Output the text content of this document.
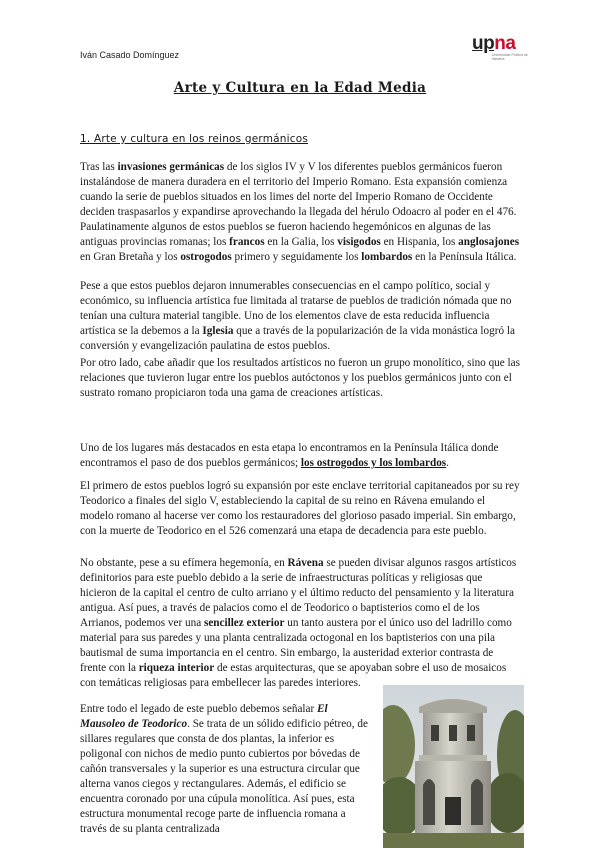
Iván Casado Domínguez
upna
Universidad Pública de Navarra
Arte y Cultura en la Edad Media
1. Arte y cultura en los reinos germánicos

Tras las invasiones germánicas de los siglos IV y V los diferentes pueblos germánicos fueron instalándose de manera duradera en el territorio del Imperio Romano. Esta expansión comienza cuando la serie de pueblos situados en los limes del norte del Imperio Romano de Occidente deciden traspasarlos y expandirse aprovechando la llegada del hérulo Odoacro al poder en el 476. Paulatinamente algunos de estos pueblos se fueron haciendo hegemónicos en algunas de las antiguas provincias romanas; los francos en la Galia, los visigodos en Hispania, los anglosajones en Gran Bretaña y los ostrogodos primero y seguidamente los lombardos en la Península Itálica.

Pese a que estos pueblos dejaron innumerables consecuencias en el campo político, social y económico, su influencia artística fue limitada al tratarse de pueblos de tradición nómada que no tenían una cultura material tangible. Uno de los elementos clave de esta reducida influencia artística se la debemos a la Iglesia que a través de la popularización de la vida monástica logró la conversión y evangelización paulatina de estos pueblos.

Por otro lado, cabe añadir que los resultados artísticos no fueron un grupo monolítico, sino que las relaciones que tuvieron lugar entre los pueblos autóctonos y los pueblos germánicos junto con el sustrato romano propiciaron toda una gama de creaciones artísticas.

Uno de los lugares más destacados en esta etapa lo encontramos en la Península Itálica donde encontramos el paso de dos pueblos germánicos; los ostrogodos y los lombardos.

El primero de estos pueblos logró su expansión por este enclave territorial capitaneados por su rey Teodorico a finales del siglo V, estableciendo la capital de su reino en Rávena emulando el modelo romano al hacerse ver como los restauradores del glorioso pasado imperial. Sin embargo, con la muerte de Teodorico en el 526 comenzará una etapa de decadencia para este pueblo.

No obstante, pese a su efímera hegemonía, en Rávena se pueden divisar algunos rasgos artísticos definitorios para este pueblo debido a la serie de infraestructuras políticas y religiosas que hicieron de la capital el centro de culto arriano y el último reducto del pensamiento y la literatura antigua. Así pues, a través de palacios como el de Teodorico o baptisterios como el de los Arrianos, podemos ver una sencillez exterior un tanto austera por el único uso del ladrillo como material para sus paredes y una planta centralizada octogonal en los baptisterios con una pila bautismal de suma importancia en el centro. Sin embargo, la austeridad exterior contrasta de frente con la riqueza interior de estas arquitecturas, que se apoyaban sobre el uso de mosaicos con temáticas religiosas para embellecer las paredes interiores.

Entre todo el legado de este pueblo debemos señalar El Mausoleo de Teodorico. Se trata de un sólido edificio pétreo, de sillares regulares que consta de dos plantas, la inferior es poligonal con nichos de medio punto cubiertos por bóvedas de cañón transversales y la superior es una estructura circular que alterna vanos ciegos y rectangulares. Además, el edificio se encuentra coronado por una cúpula monolítica. Así pues, esta estructura monumental recoge parte de influencia romana a través de su planta centralizada
